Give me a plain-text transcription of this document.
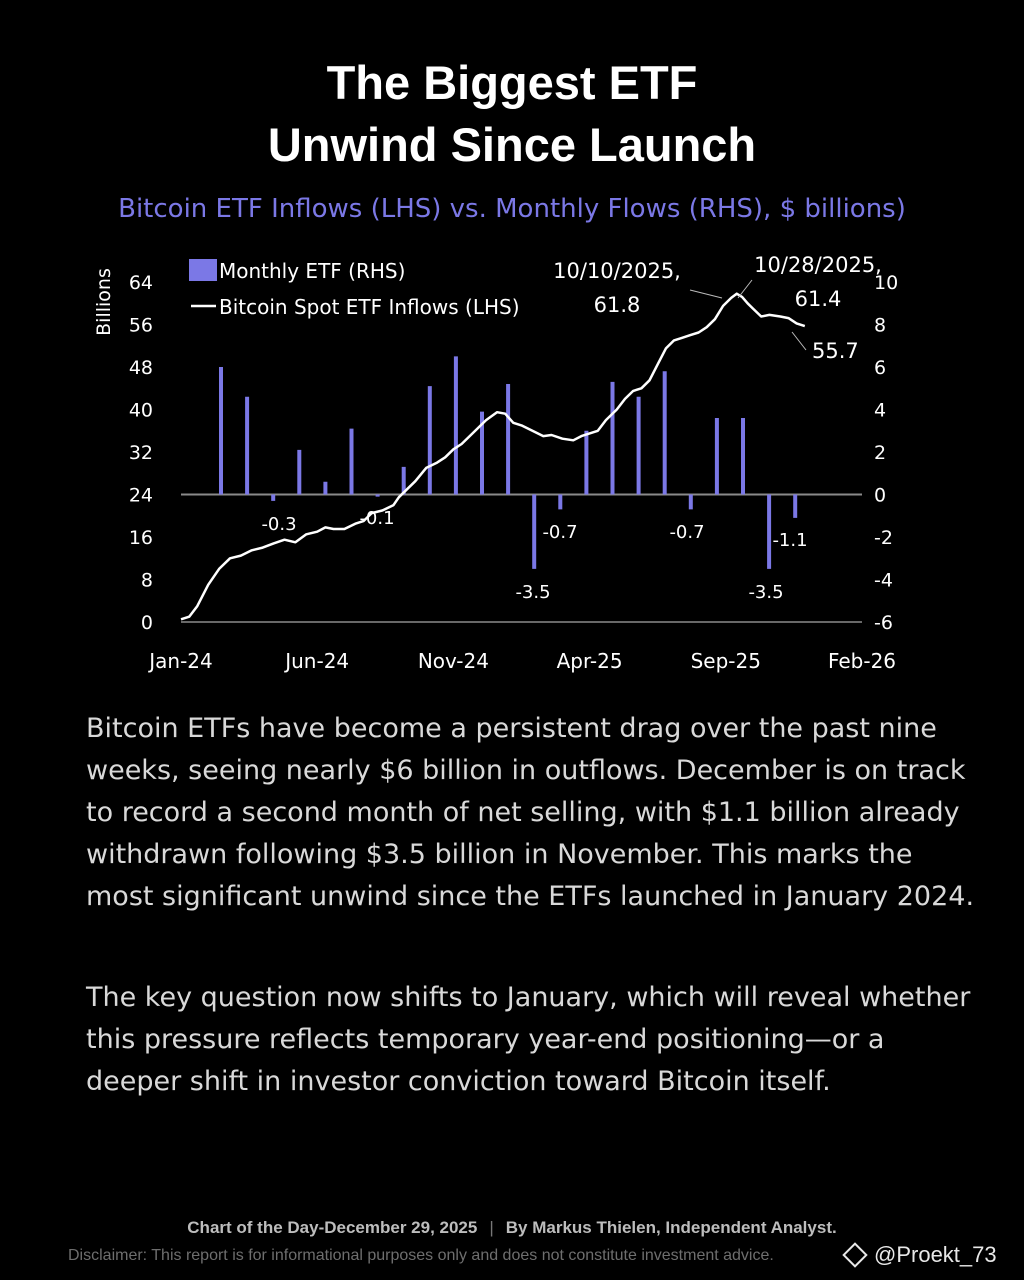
The Biggest ETF
Unwind Since Launch
Bitcoin ETF Inflows (LHS) vs. Monthly Flows (RHS), $ billions)
0
8
16
24
32
40
48
56
64
Billions
-6
-4
-2
0
2
4
6
8
10
Jan-24	Jun-24	Nov-24	Apr-25	Sep-25	Feb-26
-0.3	-0.1
-3.5
-0.7	-0.7
-3.5
-1.1
10/10/2025,
61.8
10/28/2025,
61.4
55.7
Monthly ETF (RHS)
Bitcoin Spot ETF Inflows (LHS)

Bitcoin ETFs have become a persistent drag over the past nine weeks, seeing nearly $6 billion in outflows. December is on track to record a second month of net selling, with $1.1 billion already withdrawn following $3.5 billion in November. This marks the most significant unwind since the ETFs launched in January 2024.

The key question now shifts to January, which will reveal whether this pressure reflects temporary year-end positioning—or a deeper shift in investor conviction toward Bitcoin itself.

Chart of the Day-December 29, 2025 | By Markus Thielen, Independent Analyst.
Disclaimer: This report is for informational purposes only and does not constitute investment advice.	@Proekt_73
